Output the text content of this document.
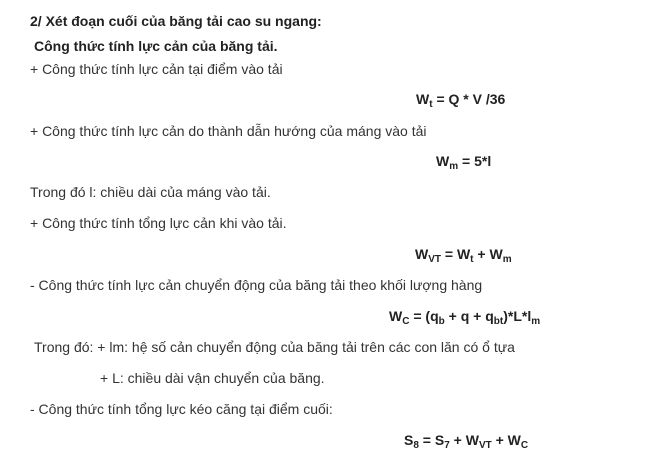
2/ Xét đoạn cuối của băng tải cao su ngang:
Công thức tính lực cản của băng tải.
+ Công thức tính lực cản tại điểm vào tải
$W_t = Q * V$ /36
+ Công thức tính lực cản do thành dẫn hướng của máng vào tải
$W_m = 5*l$
Trong đó l: chiều dài của máng vào tải.
+ Công thức tính tổng lực cản khi vào tải.
$W_{VT} = W_t + W_m$
- Công thức tính lực cản chuyển động của băng tải theo khối lượng hàng
$W_C = (q_b + q + q_{bt})*L*l_m$
Trong đó: + lm: hệ số cản chuyển động của băng tải trên các con lăn có ổ tựa
+ L: chiều dài vận chuyển của băng.
- Công thức tính tổng lực kéo căng tại điểm cuối:
$S_8 = S_7 + W_{VT} + W_C$
